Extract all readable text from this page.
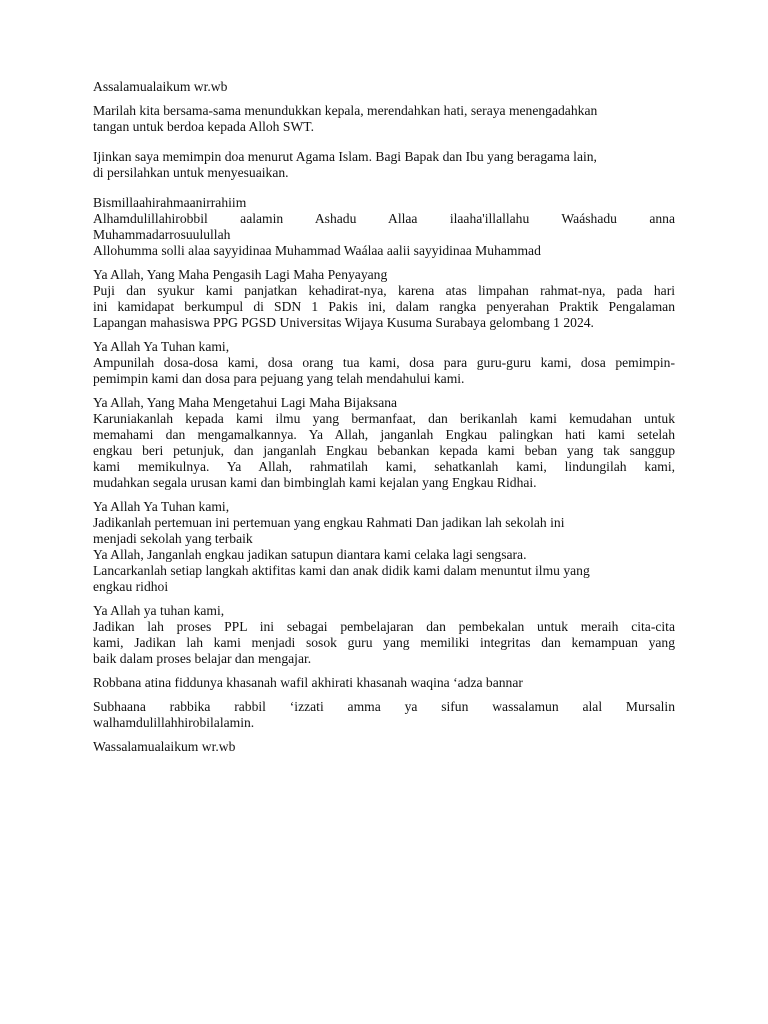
Assalamualaikum wr.wb
Marilah kita bersama-sama menundukkan kepala, merendahkan hati, seraya menengadahkan
tangan untuk berdoa kepada Alloh SWT.
Ijinkan saya memimpin doa menurut Agama Islam. Bagi Bapak dan Ibu yang beragama lain,
di persilahkan untuk menyesuaikan.
Bismillaahirahmaanirrahiim
Alhamdulillahirobbil aalamin Ashadu Allaa ilaaha'illallahu Waáshadu anna
Muhammadarrosuulullah
Allohumma solli alaa sayyidinaa Muhammad Waálaa aalii sayyidinaa Muhammad
Ya Allah, Yang Maha Pengasih Lagi Maha Penyayang
Puji dan syukur kami panjatkan kehadirat-nya, karena atas limpahan rahmat-nya, pada hari
ini kamidapat berkumpul di SDN 1 Pakis ini, dalam rangka penyerahan Praktik Pengalaman
Lapangan mahasiswa PPG PGSD Universitas Wijaya Kusuma Surabaya gelombang 1 2024.
Ya Allah Ya Tuhan kami,
Ampunilah dosa-dosa kami, dosa orang tua kami, dosa para guru-guru kami, dosa pemimpin-
pemimpin kami dan dosa para pejuang yang telah mendahului kami.
Ya Allah, Yang Maha Mengetahui Lagi Maha Bijaksana
Karuniakanlah kepada kami ilmu yang bermanfaat, dan berikanlah kami kemudahan untuk
memahami dan mengamalkannya. Ya Allah, janganlah Engkau palingkan hati kami setelah
engkau beri petunjuk, dan janganlah Engkau bebankan kepada kami beban yang tak sanggup
kami memikulnya. Ya Allah, rahmatilah kami, sehatkanlah kami, lindungilah kami,
mudahkan segala urusan kami dan bimbinglah kami kejalan yang Engkau Ridhai.
Ya Allah Ya Tuhan kami,
Jadikanlah pertemuan ini pertemuan yang engkau Rahmati Dan jadikan lah sekolah ini
menjadi sekolah yang terbaik
Ya Allah, Janganlah engkau jadikan satupun diantara kami celaka lagi sengsara.
Lancarkanlah setiap langkah aktifitas kami dan anak didik kami dalam menuntut ilmu yang
engkau ridhoi
Ya Allah ya tuhan kami,
Jadikan lah proses PPL ini sebagai pembelajaran dan pembekalan untuk meraih cita-cita
kami, Jadikan lah kami menjadi sosok guru yang memiliki integritas dan kemampuan yang
baik dalam proses belajar dan mengajar.
Robbana atina fiddunya khasanah wafil akhirati khasanah waqina ‘adza bannar
Subhaana rabbika rabbil ‘izzati amma ya sifun wassalamun alal Mursalin
walhamdulillahhirobilalamin.
Wassalamualaikum wr.wb
